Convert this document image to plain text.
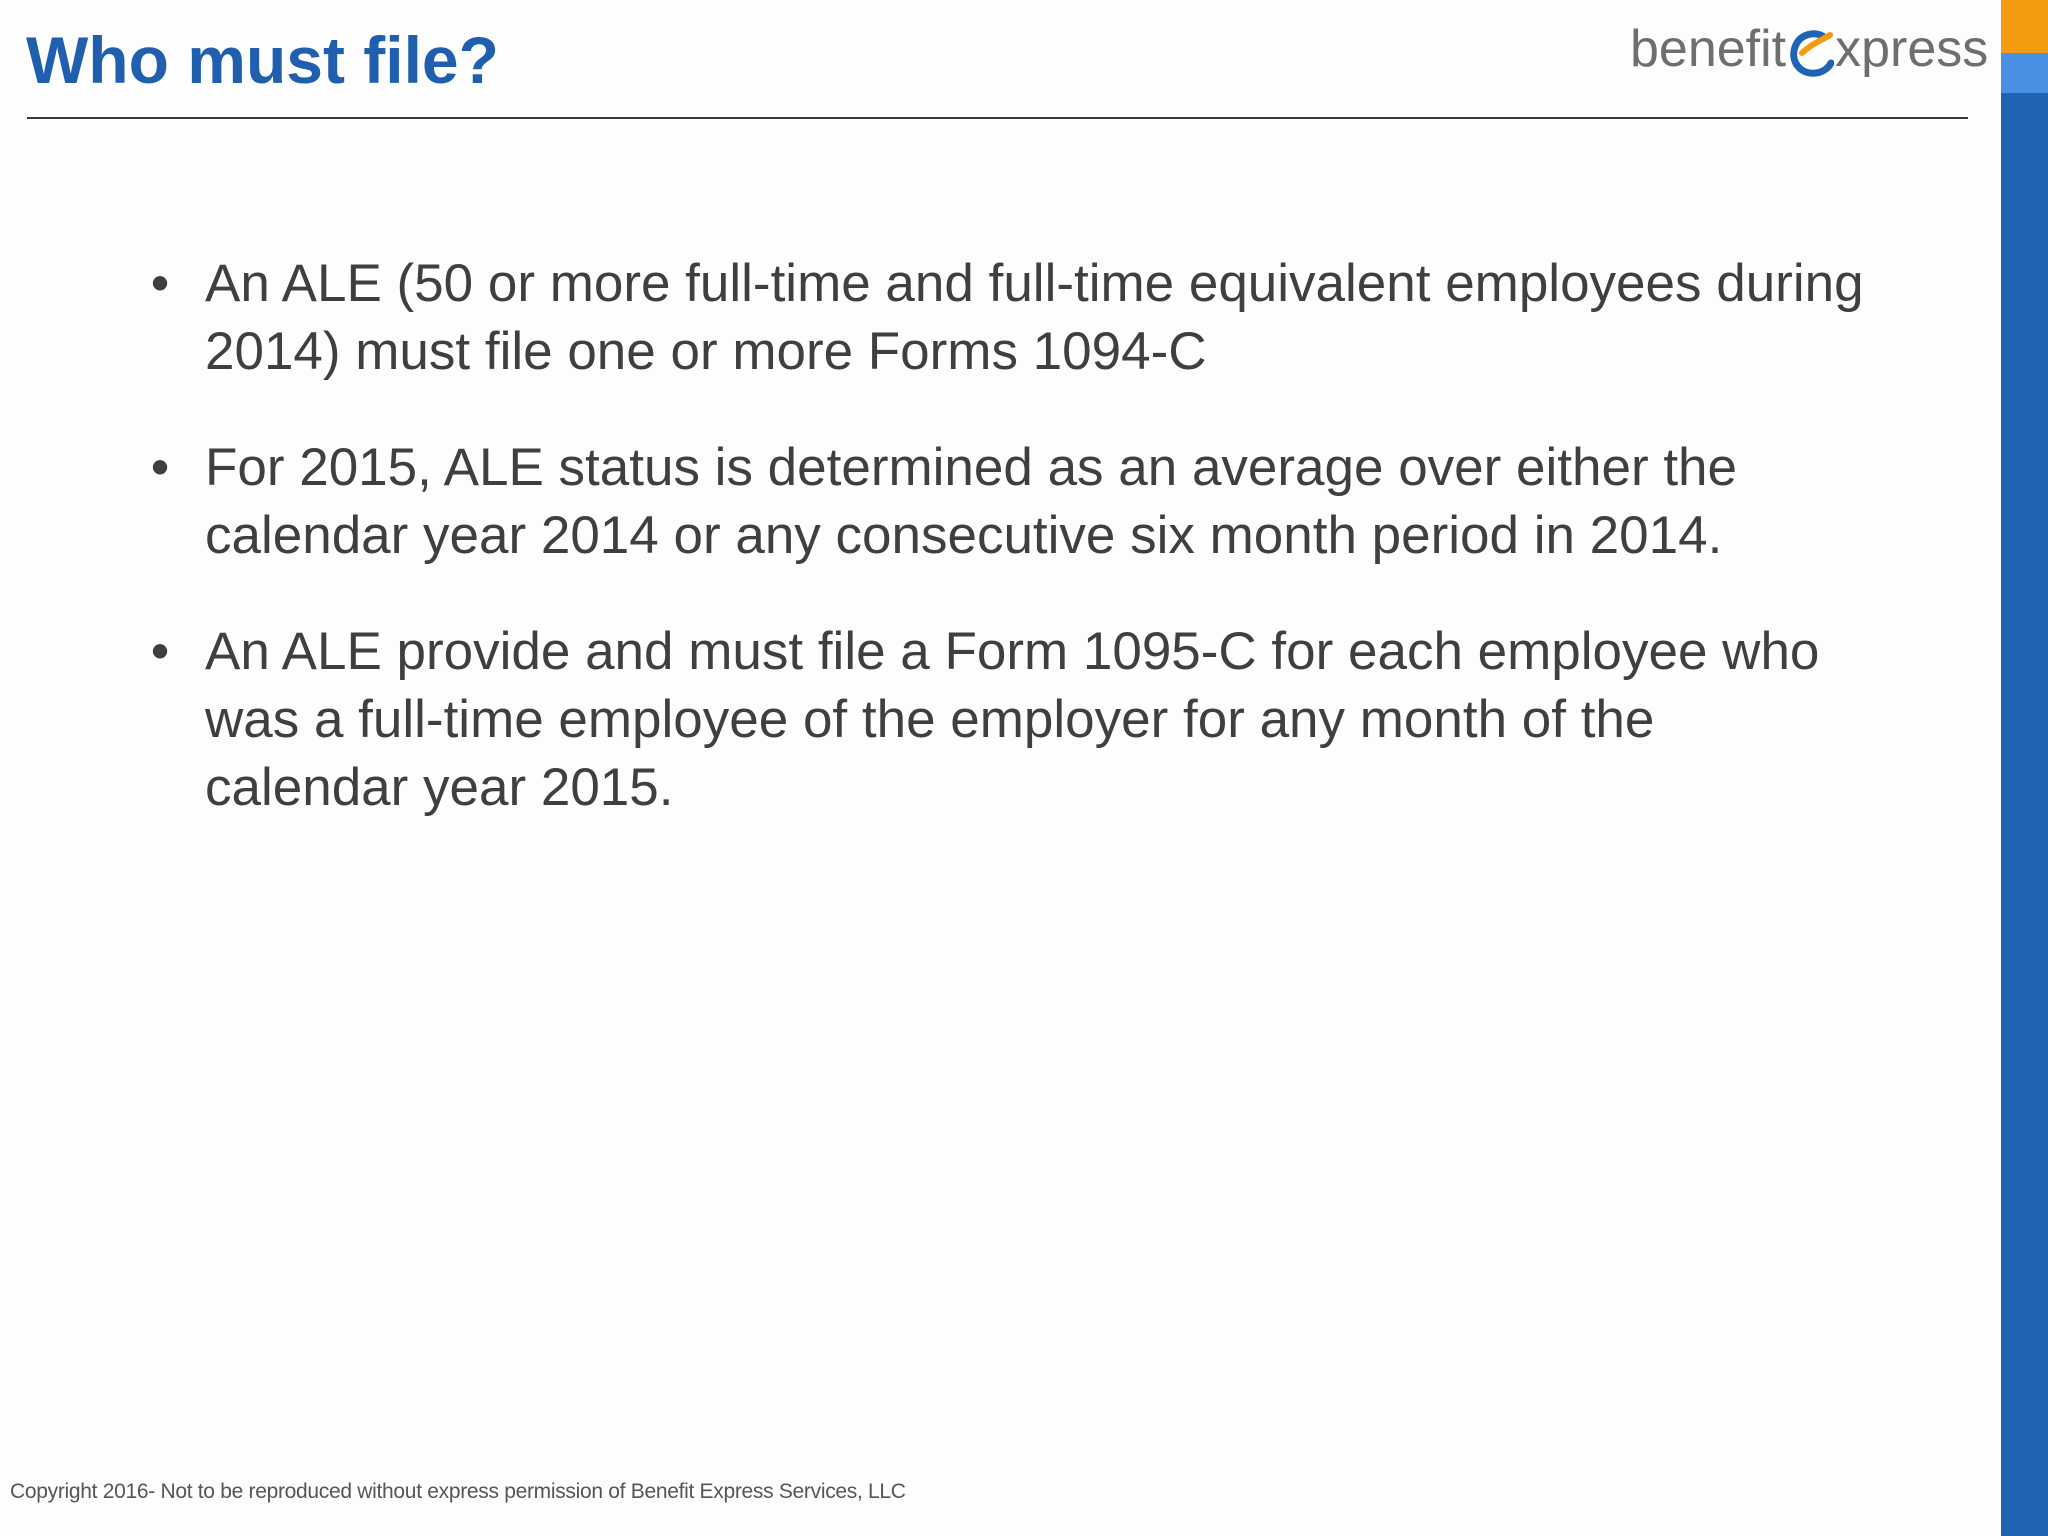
Who must file?	benefit xpress
• An ALE (50 or more full-time and full-time equivalent employees during 2014) must file one or more Forms 1094-C
• For 2015, ALE status is determined as an average over either the calendar year 2014 or any consecutive six month period in 2014.
• An ALE provide and must file a Form 1095-C for each employee who was a full-time employee of the employer for any month of the calendar year 2015.
Copyright 2016- Not to be reproduced without express permission of Benefit Express Services, LLC
